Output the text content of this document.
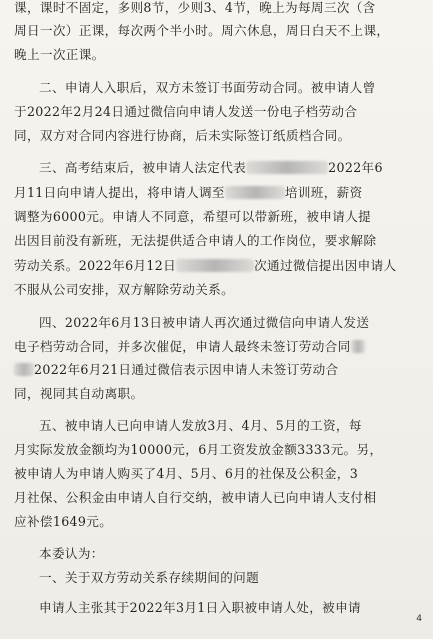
课，课时不固定，多则8节，少则3、4节，晚上为每周三次（含
周日一次）正课，每次两个半小时。周六休息，周日白天不上课，
晚上一次正课。
二、申请人入职后，双方未签订书面劳动合同。被申请人曾
于2022年2月24日通过微信向申请人发送一份电子档劳动合
同，双方对合同内容进行协商，后未实际签订纸质档合同。
三、高考结束后，被申请人法定代表	2022年6
月11日向申请人提出，将申请人调至	培训班，薪资
调整为6000元。申请人不同意，希望可以带新班，被申请人提
出因目前没有新班，无法提供适合申请人的工作岗位，要求解除
劳动关系。2022年6月12日	次通过微信提出因申请人
不服从公司安排，双方解除劳动关系。
四、2022年6月13日被申请人再次通过微信向申请人发送
电子档劳动合同，并多次催促，申请人最终未签订劳动合同
2022年6月21日通过微信表示因申请人未签订劳动合
同，视同其自动离职。
五、被申请人已向申请人发放3月、4月、5月的工资，每
月实际发放金额均为10000元，6月工资发放金额3333元。另，
被申请人为申请人购买了4月、5月、6月的社保及公积金，3
月社保、公积金由申请人自行交纳，被申请人已向申请人支付相
应补偿1649元。
本委认为：
一、关于双方劳动关系存续期间的问题
申请人主张其于2022年3月1日入职被申请人处，被申请
4
